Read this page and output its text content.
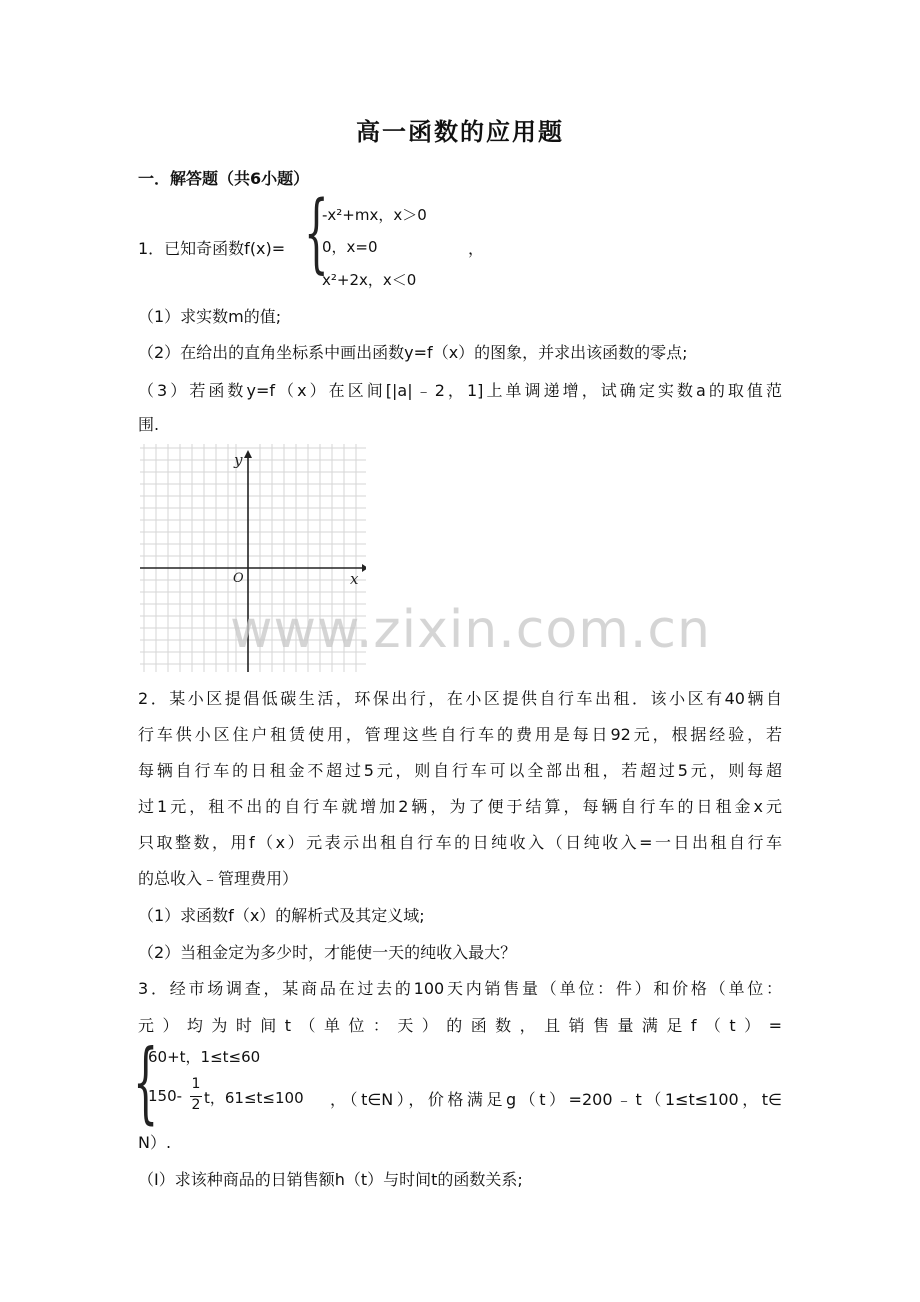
高一函数的应用题
一．解答题（共6小题）
1．已知奇函数f(x)= {
-x²+mx，x＞0
0，x=0
x²+2x，x＜0
，
（1）求实数m的值;
（2）在给出的直角坐标系中画出函数y=f（x）的图象，并求出该函数的零点;
（3）若函数y=f（x）在区间[|a|﹣2，1]上单调递增，试确定实数a的取值范
围.
y
x
O
www.zixin.com.cn
2．某小区提倡低碳生活，环保出行，在小区提供自行车出租．该小区有40辆自
行车供小区住户租赁使用，管理这些自行车的费用是每日92元，根据经验，若
每辆自行车的日租金不超过5元，则自行车可以全部出租，若超过5元，则每超
过1元，租不出的自行车就增加2辆，为了便于结算，每辆自行车的日租金x元
只取整数，用f（x）元表示出租自行车的日纯收入（日纯收入=一日出租自行车
的总收入﹣管理费用）
（1）求函数f（x）的解析式及其定义域;
（2）当租金定为多少时，才能使一天的纯收入最大？
3．经市场调查，某商品在过去的100天内销售量（单位：件）和价格（单位：
元）均为时间t（单位：天）的函数，且销售量满足f（t）=
{
60+t，1≤t≤60
150-
1
2 t，61≤t≤100 ，（t∈N），价格满足g（t）=200﹣t（1≤t≤100，t∈
N）.
（Ⅰ）求该种商品的日销售额h（t）与时间t的函数关系;
